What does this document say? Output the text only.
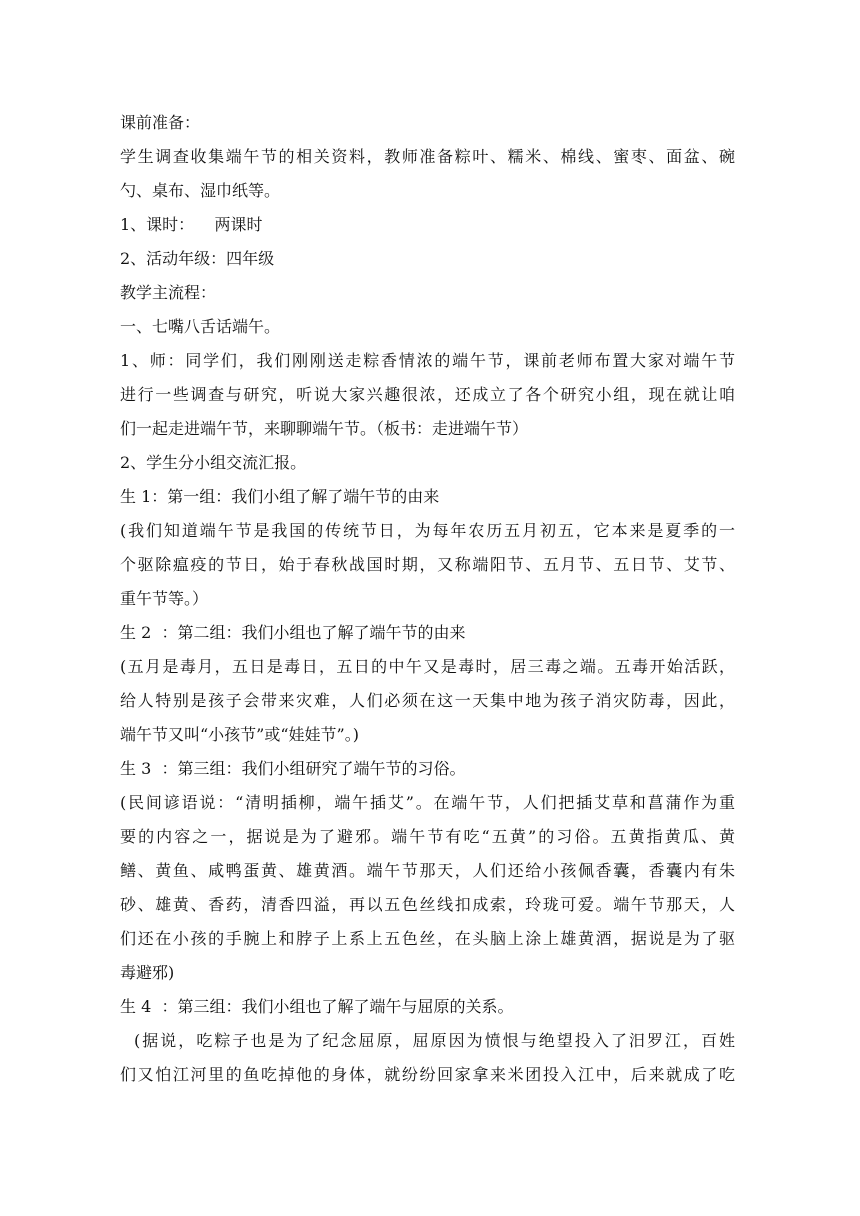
课前准备：
学生调查收集端午节的相关资料，教师准备粽叶、糯米、棉线、蜜枣、面盆、碗
勺、桌布、湿巾纸等。
1、课时：    两课时
2、活动年级：四年级
教学主流程：
一、七嘴八舌话端午。
1、师：同学们，我们刚刚送走粽香情浓的端午节，课前老师布置大家对端午节
进行一些调查与研究，听说大家兴趣很浓，还成立了各个研究小组，现在就让咱
们一起走进端午节，来聊聊端午节。（板书：走进端午节）
2、学生分小组交流汇报。
生 1：第一组：我们小组了解了端午节的由来
(我们知道端午节是我国的传统节日，为每年农历五月初五，它本来是夏季的一
个驱除瘟疫的节日，始于春秋战国时期，又称端阳节、五月节、五日节、艾节、
重午节等。）
生 2  ：第二组：我们小组也了解了端午节的由来
(五月是毒月，五日是毒日，五日的中午又是毒时，居三毒之端。五毒开始活跃，
给人特别是孩子会带来灾难，人们必须在这一天集中地为孩子消灾防毒，因此，
端午节又叫“小孩节”或“娃娃节”。)
生 3  ：第三组：我们小组研究了端午节的习俗。
(民间谚语说：“清明插柳，端午插艾”。在端午节，人们把插艾草和菖蒲作为重
要的内容之一，据说是为了避邪。端午节有吃“五黄”的习俗。五黄指黄瓜、黄
鳝、黄鱼、咸鸭蛋黄、雄黄酒。端午节那天，人们还给小孩佩香囊，香囊内有朱
砂、雄黄、香药，清香四溢，再以五色丝线扣成索，玲珑可爱。端午节那天，人
们还在小孩的手腕上和脖子上系上五色丝，在头脑上涂上雄黄酒，据说是为了驱
毒避邪)
生 4  ：第三组：我们小组也了解了端午与屈原的关系。
(据说，吃粽子也是为了纪念屈原，屈原因为愤恨与绝望投入了汨罗江，百姓
们又怕江河里的鱼吃掉他的身体，就纷纷回家拿来米团投入江中，后来就成了吃
